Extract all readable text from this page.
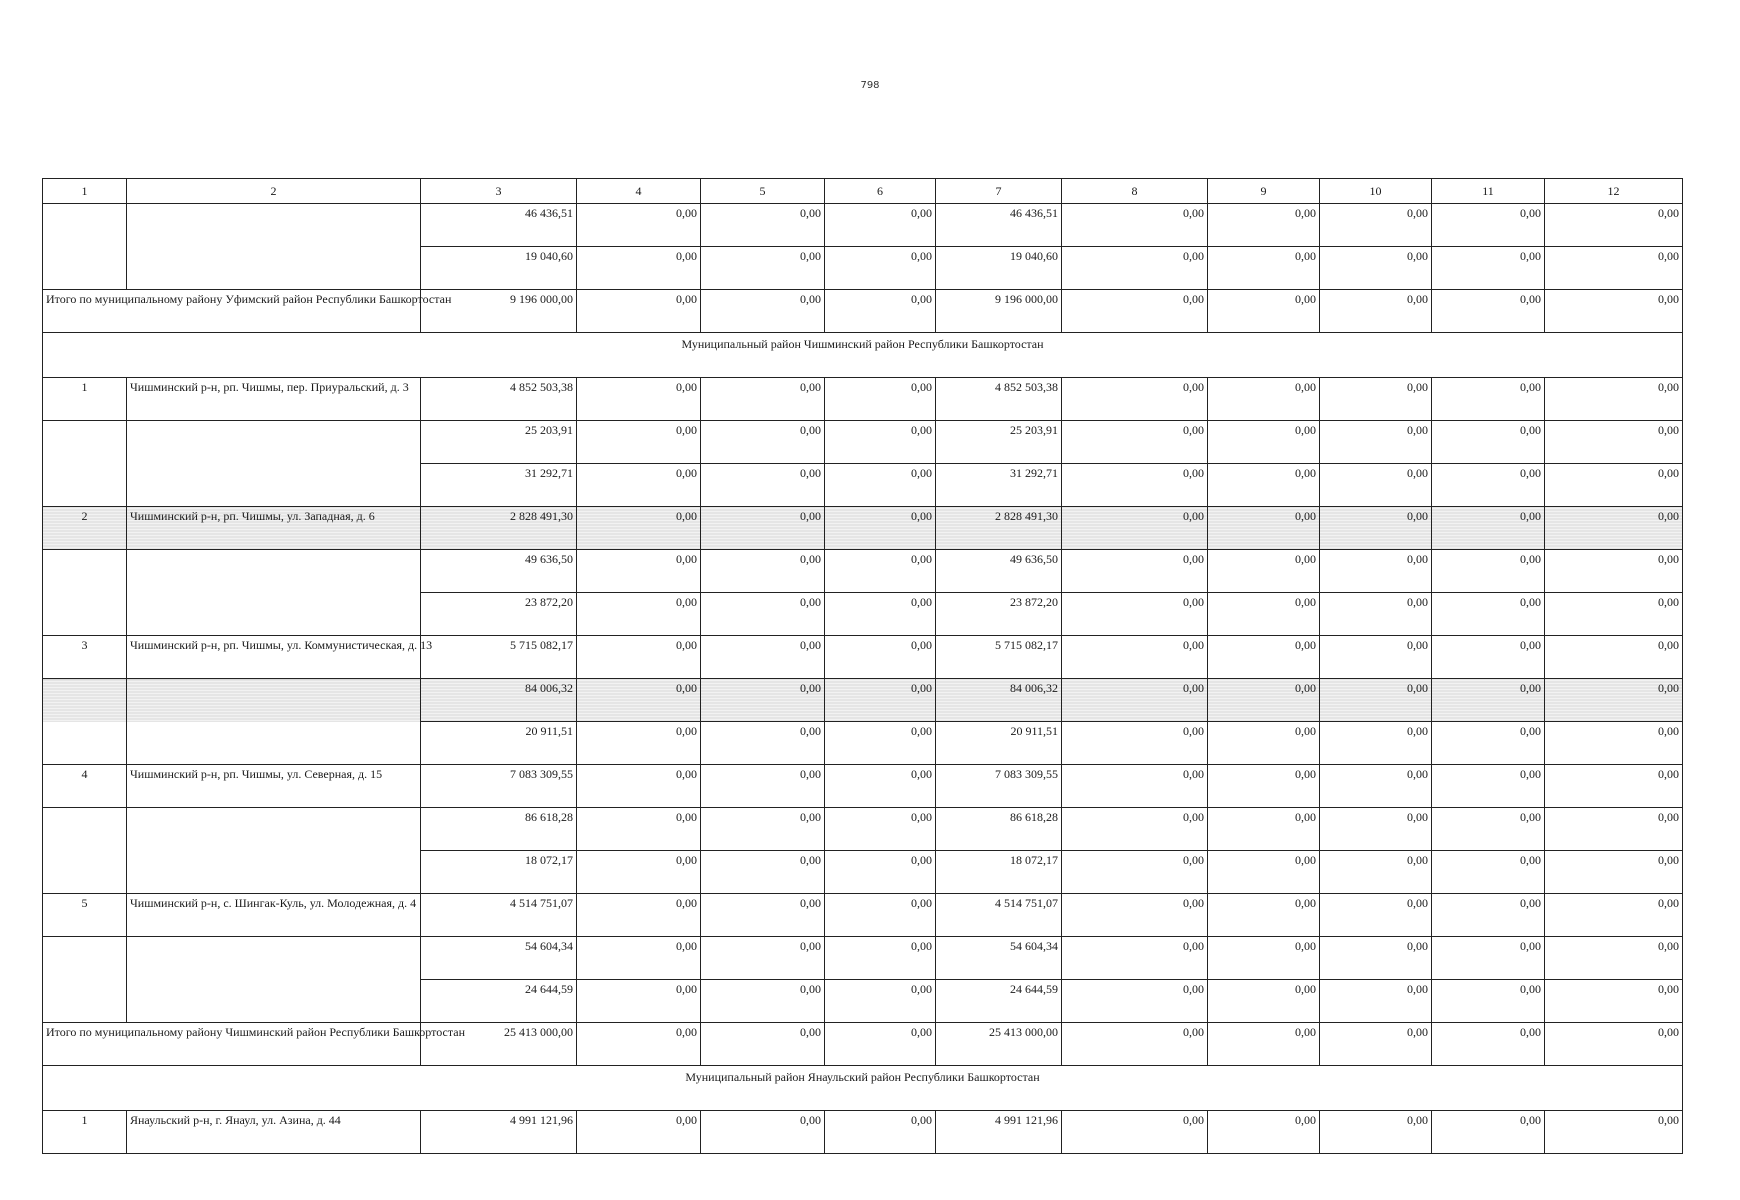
798
1	2	3	4	5	6	7	8	9	10	11	12
		46 436,51	0,00	0,00	0,00	46 436,51	0,00	0,00	0,00	0,00	0,00
		19 040,60	0,00	0,00	0,00	19 040,60	0,00	0,00	0,00	0,00	0,00
Итого по муниципальному району Уфимский район Республики Башкортостан		9 196 000,00	0,00	0,00	0,00	9 196 000,00	0,00	0,00	0,00	0,00	0,00
Муниципальный район Чишминский район Республики Башкортостан											
1	Чишминский р-н, рп. Чишмы, пер. Приуральский, д. 3	4 852 503,38	0,00	0,00	0,00	4 852 503,38	0,00	0,00	0,00	0,00	0,00
		25 203,91	0,00	0,00	0,00	25 203,91	0,00	0,00	0,00	0,00	0,00
		31 292,71	0,00	0,00	0,00	31 292,71	0,00	0,00	0,00	0,00	0,00
2	Чишминский р-н, рп. Чишмы, ул. Западная, д. 6	2 828 491,30	0,00	0,00	0,00	2 828 491,30	0,00	0,00	0,00	0,00	0,00
		49 636,50	0,00	0,00	0,00	49 636,50	0,00	0,00	0,00	0,00	0,00
		23 872,20	0,00	0,00	0,00	23 872,20	0,00	0,00	0,00	0,00	0,00
3	Чишминский р-н, рп. Чишмы, ул. Коммунистическая, д. 13	5 715 082,17	0,00	0,00	0,00	5 715 082,17	0,00	0,00	0,00	0,00	0,00
		84 006,32	0,00	0,00	0,00	84 006,32	0,00	0,00	0,00	0,00	0,00
		20 911,51	0,00	0,00	0,00	20 911,51	0,00	0,00	0,00	0,00	0,00
4	Чишминский р-н, рп. Чишмы, ул. Северная, д. 15	7 083 309,55	0,00	0,00	0,00	7 083 309,55	0,00	0,00	0,00	0,00	0,00
		86 618,28	0,00	0,00	0,00	86 618,28	0,00	0,00	0,00	0,00	0,00
		18 072,17	0,00	0,00	0,00	18 072,17	0,00	0,00	0,00	0,00	0,00
5	Чишминский р-н, с. Шингак-Куль, ул. Молодежная, д. 4	4 514 751,07	0,00	0,00	0,00	4 514 751,07	0,00	0,00	0,00	0,00	0,00
		54 604,34	0,00	0,00	0,00	54 604,34	0,00	0,00	0,00	0,00	0,00
		24 644,59	0,00	0,00	0,00	24 644,59	0,00	0,00	0,00	0,00	0,00
Итого по муниципальному району Чишминский район Республики Башкортостан		25 413 000,00	0,00	0,00	0,00	25 413 000,00	0,00	0,00	0,00	0,00	0,00
Муниципальный район Янаульский район Республики Башкортостан											
1	Янаульский р-н, г. Янаул, ул. Азина, д. 44	4 991 121,96	0,00	0,00	0,00	4 991 121,96	0,00	0,00	0,00	0,00	0,00
